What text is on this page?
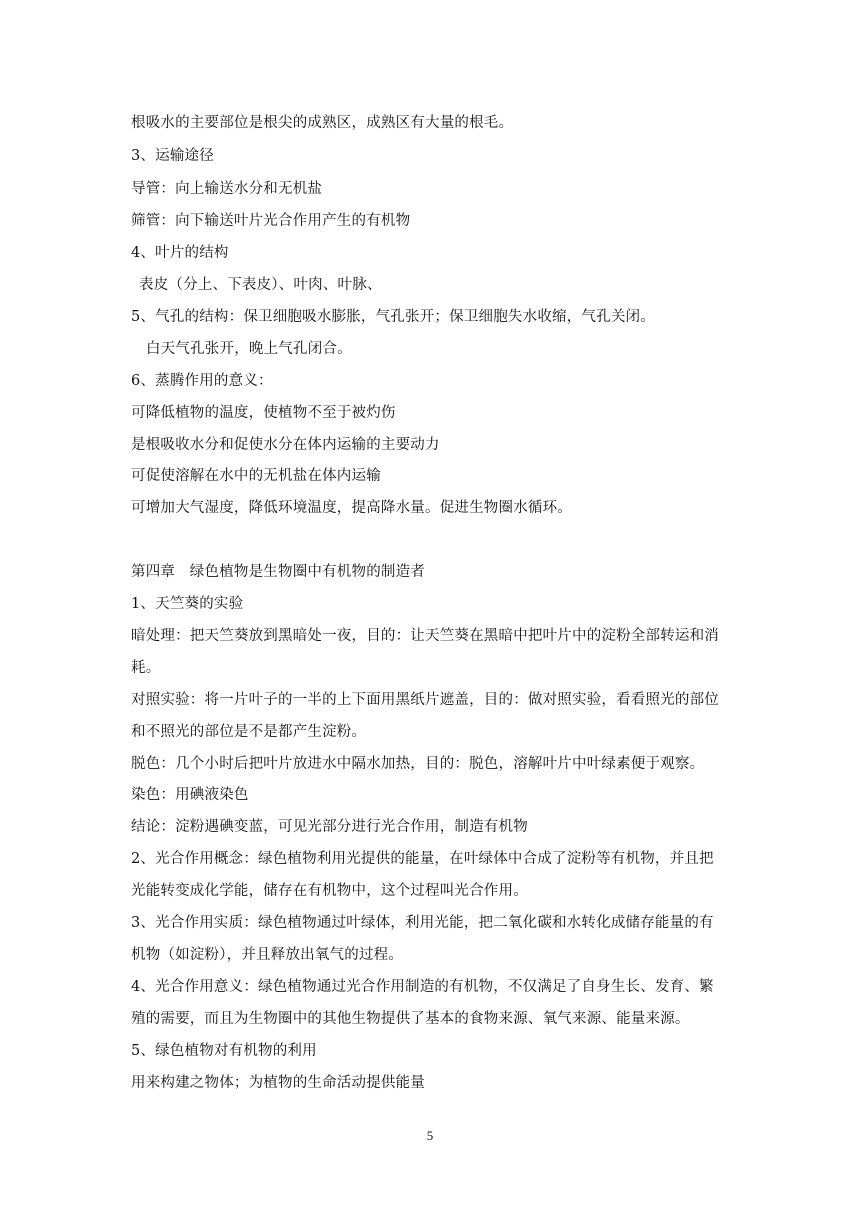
根吸水的主要部位是根尖的成熟区，成熟区有大量的根毛。
3、运输途径
导管：向上输送水分和无机盐
筛管：向下输送叶片光合作用产生的有机物
4、叶片的结构
表皮（分上、下表皮）、叶肉、叶脉、
5、气孔的结构：保卫细胞吸水膨胀，气孔张开；保卫细胞失水收缩，气孔关闭。
白天气孔张开，晚上气孔闭合。
6、蒸腾作用的意义：
可降低植物的温度，使植物不至于被灼伤
是根吸收水分和促使水分在体内运输的主要动力
可促使溶解在水中的无机盐在体内运输
可增加大气湿度，降低环境温度，提高降水量。促进生物圈水循环。
第四章　绿色植物是生物圈中有机物的制造者
1、天竺葵的实验
暗处理：把天竺葵放到黑暗处一夜，目的：让天竺葵在黑暗中把叶片中的淀粉全部转运和消
耗。
对照实验：将一片叶子的一半的上下面用黑纸片遮盖，目的：做对照实验，看看照光的部位
和不照光的部位是不是都产生淀粉。
脱色：几个小时后把叶片放进水中隔水加热，目的：脱色，溶解叶片中叶绿素便于观察。
染色：用碘液染色
结论：淀粉遇碘变蓝，可见光部分进行光合作用，制造有机物
2、光合作用概念：绿色植物利用光提供的能量，在叶绿体中合成了淀粉等有机物，并且把
光能转变成化学能，储存在有机物中，这个过程叫光合作用。
3、光合作用实质：绿色植物通过叶绿体，利用光能，把二氧化碳和水转化成储存能量的有
机物（如淀粉），并且释放出氧气的过程。
4、光合作用意义：绿色植物通过光合作用制造的有机物，不仅满足了自身生长、发育、繁
殖的需要，而且为生物圈中的其他生物提供了基本的食物来源、氧气来源、能量来源。
5、绿色植物对有机物的利用
用来构建之物体；为植物的生命活动提供能量
5
